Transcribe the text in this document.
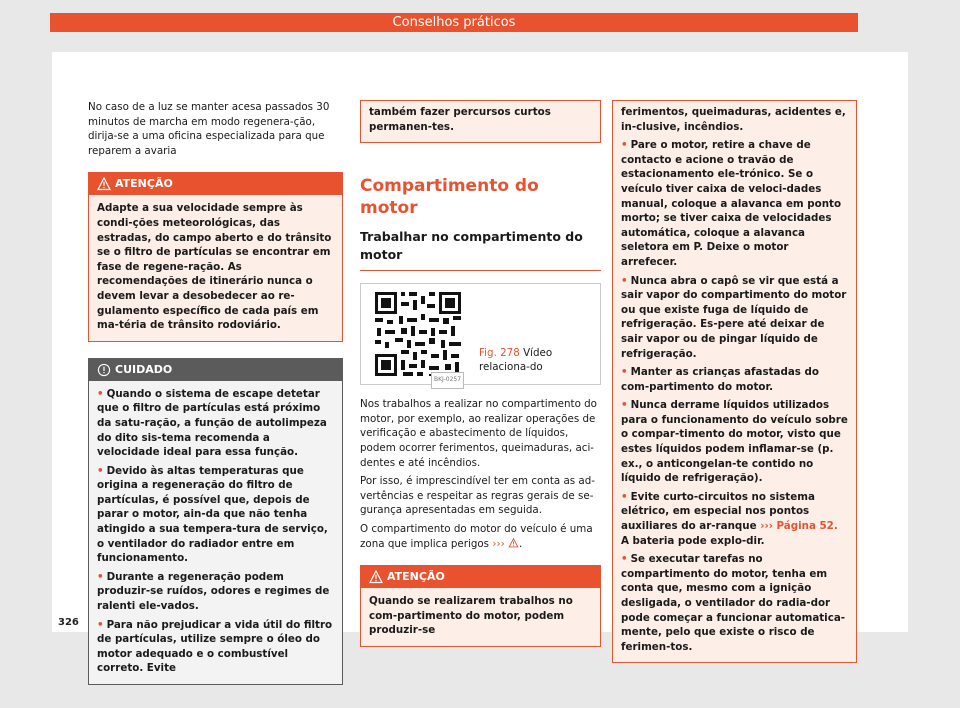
Conselhos práticos

No caso de a luz se manter acesa passados 30 minutos de marcha em modo regenera-ção, dirija-se a uma oficina especializada para que reparem a avaria

ATENÇÃO
Adapte a sua velocidade sempre às condi-ções meteorológicas, das estradas, do campo aberto e do trânsito se o filtro de partículas se encontrar em fase de regene-ração. As recomendações de itinerário nunca o devem levar a desobedecer ao re-gulamento específico de cada país em ma-téria de trânsito rodoviário.
CUIDADO

• Quando o sistema de escape detetar que o filtro de partículas está próximo da satu-ração, a função de autolimpeza do dito sis-tema recomenda a velocidade ideal para essa função.

• Devido às altas temperaturas que origina a regeneração do filtro de partículas, é possível que, depois de parar o motor, ain-da que não tenha atingido a sua tempera-tura de serviço, o ventilador do radiador entre em funcionamento.

• Durante a regeneração podem produzir-se ruídos, odores e regimes de ralenti ele-vados.

• Para não prejudicar a vida útil do filtro de partículas, utilize sempre o óleo do motor adequado e o combustível correto. Evite

também fazer percursos curtos permanen-tes.
Compartimento do motor
Trabalhar no compartimento do motor
BKJ-0257
Fig. 278 Vídeo relaciona-do

Nos trabalhos a realizar no compartimento do motor, por exemplo, ao realizar operações de verificação e abastecimento de líquidos, podem ocorrer ferimentos, queimaduras, aci-dentes e até incêndios.

Por isso, é imprescindível ter em conta as ad-vertências e respeitar as regras gerais de se-gurança apresentadas em seguida.

O compartimento do motor do veículo é uma zona que implica perigos ››› .

ATENÇÃO
Quando se realizarem trabalhos no com-partimento do motor, podem produzir-se

ferimentos, queimaduras, acidentes e, in-clusive, incêndios.

• Pare o motor, retire a chave de contacto e acione o travão de estacionamento ele-trónico. Se o veículo tiver caixa de veloci-dades manual, coloque a alavanca em ponto morto; se tiver caixa de velocidades automática, coloque a alavanca seletora em P. Deixe o motor arrefecer.

• Nunca abra o capô se vir que está a sair vapor do compartimento do motor ou que existe fuga de líquido de refrigeração. Es-pere até deixar de sair vapor ou de pingar líquido de refrigeração.

• Manter as crianças afastadas do com-partimento do motor.

• Nunca derrame líquidos utilizados para o funcionamento do veículo sobre o compar-timento do motor, visto que estes líquidos podem inflamar-se (p. ex., o anticongelan-te contido no líquido de refrigeração).

• Evite curto-circuitos no sistema elétrico, em especial nos pontos auxiliares do ar-ranque ››› Página 52. A bateria pode explo-dir.

• Se executar tarefas no compartimento do motor, tenha em conta que, mesmo com a ignição desligada, o ventilador do radia-dor pode começar a funcionar automatica-mente, pelo que existe o risco de ferimen-tos.

326
